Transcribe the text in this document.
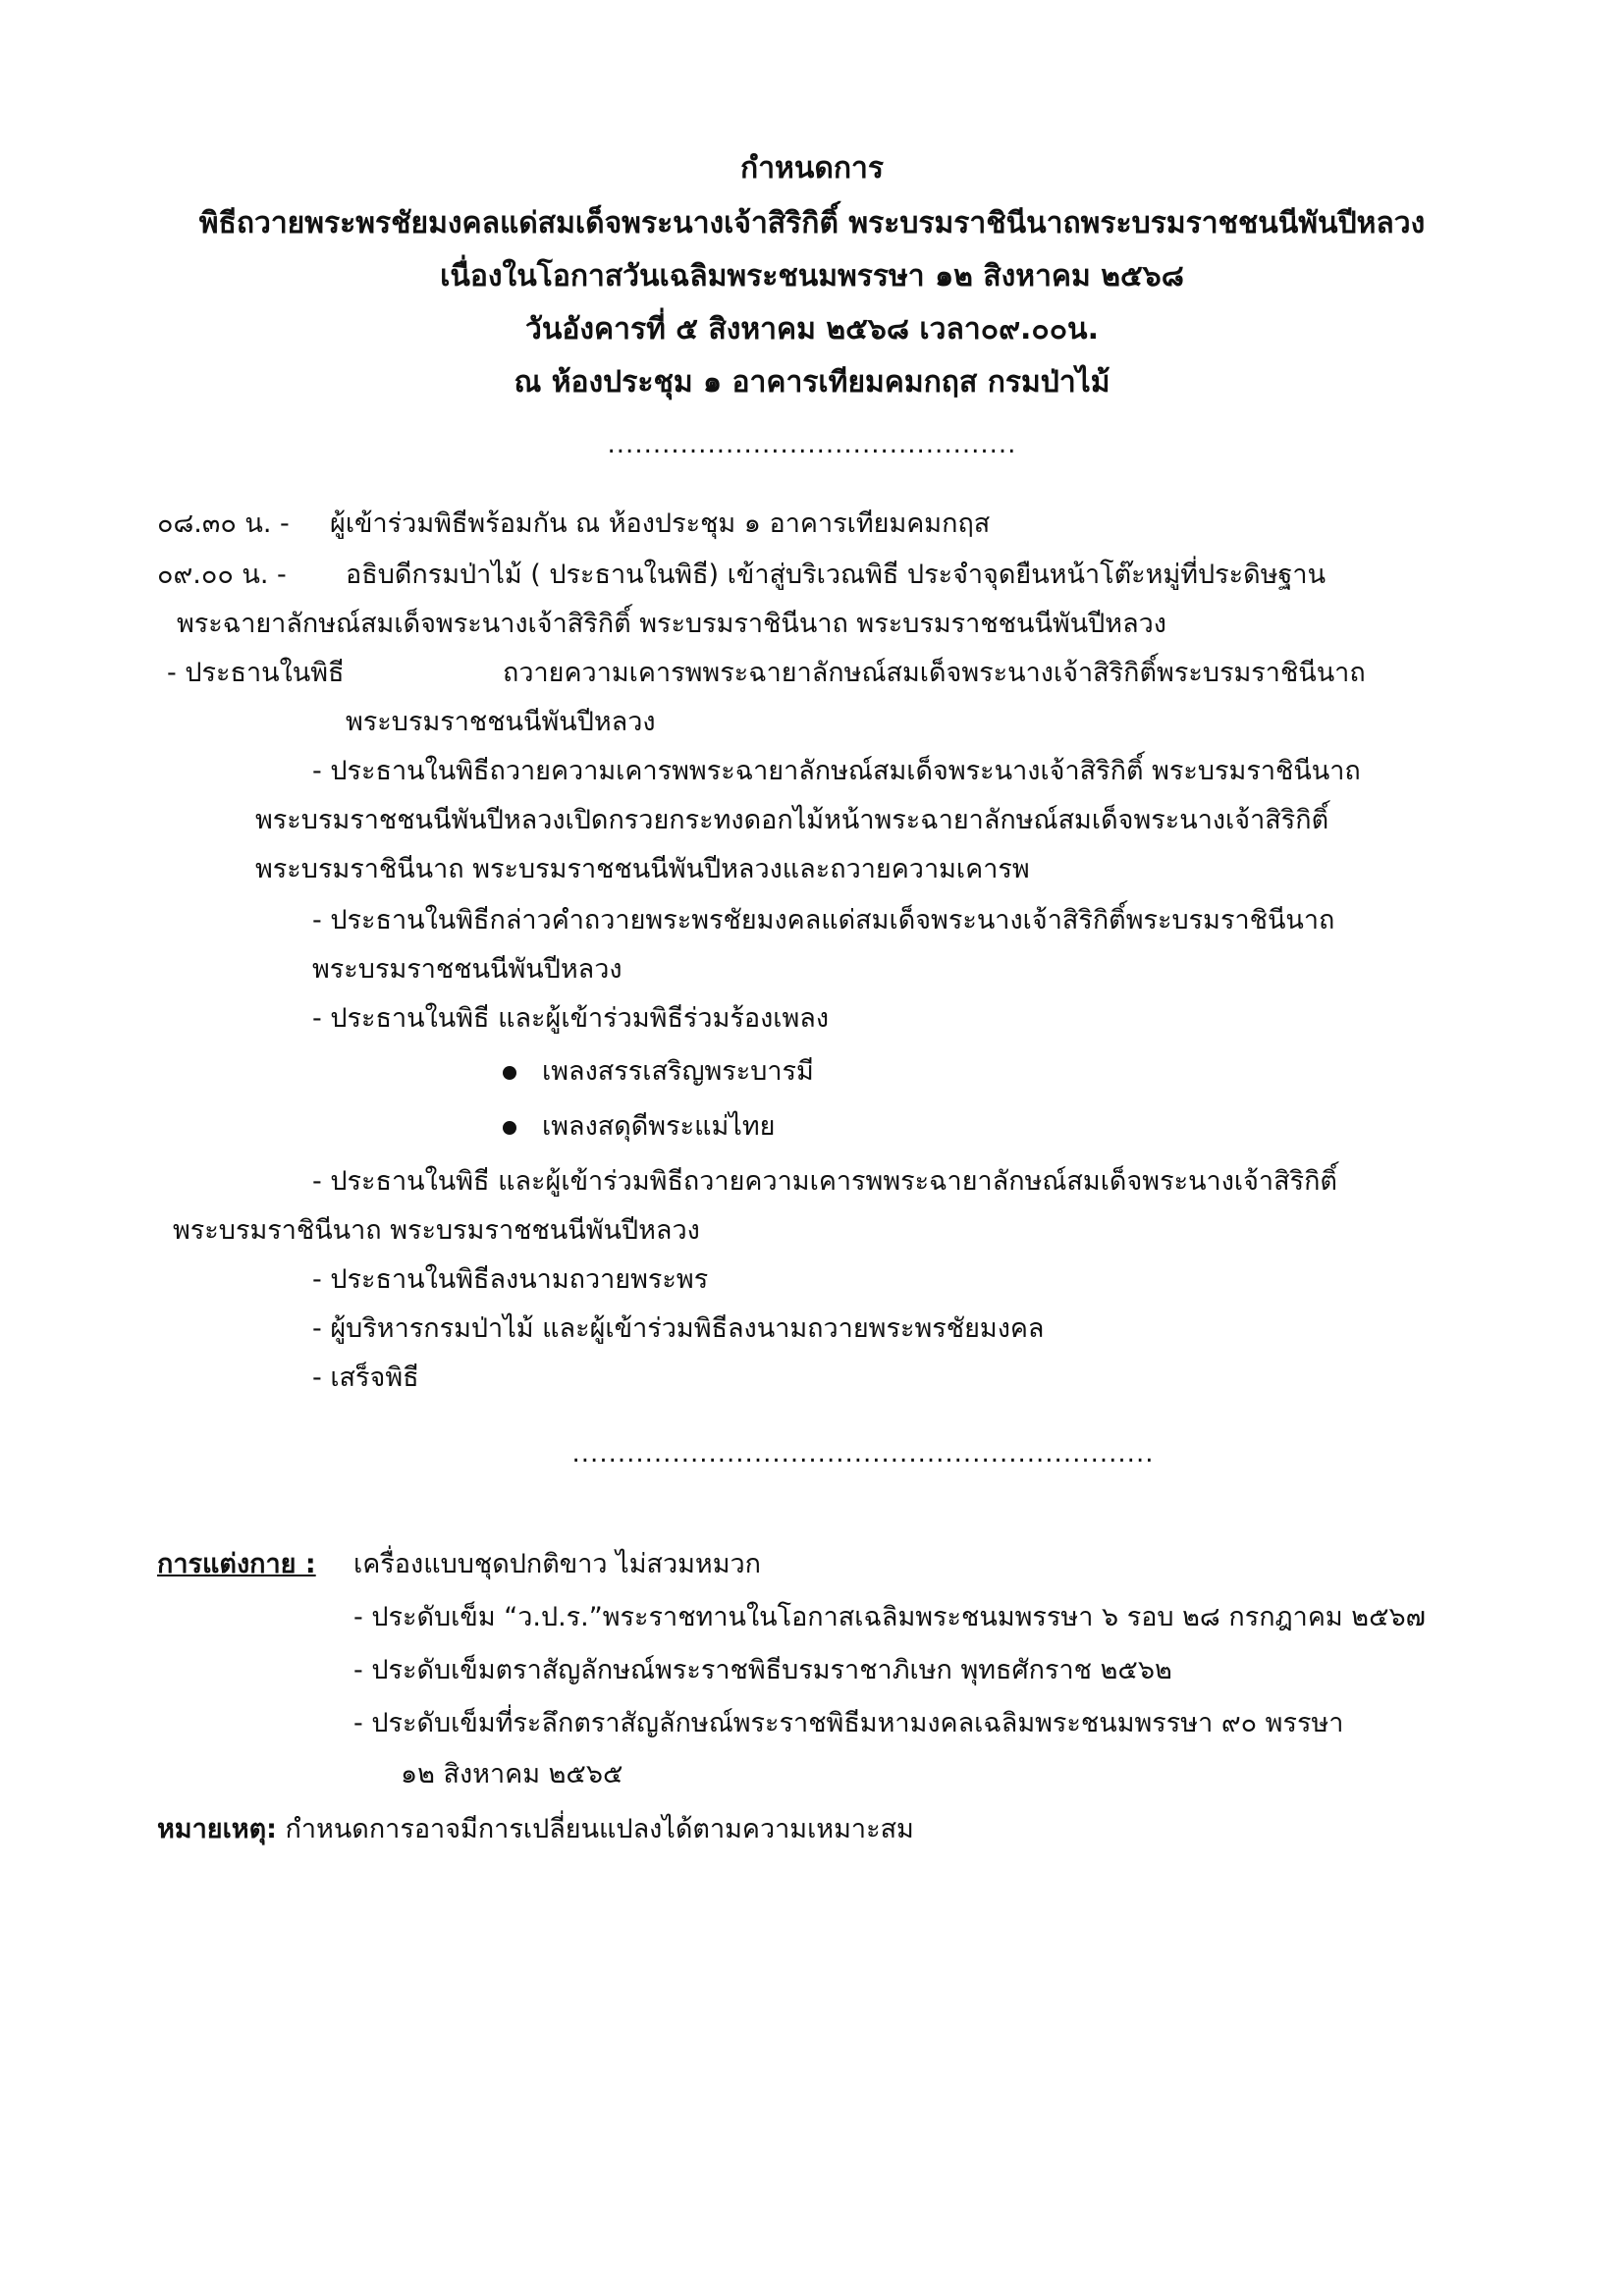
กำหนดการ
พิธีถวายพระพรชัยมงคลแด่สมเด็จพระนางเจ้าสิริกิติ์ พระบรมราชินีนาถพระบรมราชชนนีพันปีหลวง
เนื่องในโอกาสวันเฉลิมพระชนมพรรษา ๑๒ สิงหาคม ๒๕๖๘
วันอังคารที่ ๕ สิงหาคม ๒๕๖๘ เวลา๐๙.๐๐น.
ณ ห้องประชุม ๑ อาคารเทียมคมกฤส กรมป่าไม้
.............................................
๐๘.๓๐ น. - ผู้เข้าร่วมพิธีพร้อมกัน ณ ห้องประชุม ๑ อาคารเทียมคมกฤส
๐๙.๐๐ น. - อธิบดีกรมป่าไม้ ( ประธานในพิธี) เข้าสู่บริเวณพิธี ประจำจุดยืนหน้าโต๊ะหมู่ที่ประดิษฐาน
พระฉายาลักษณ์สมเด็จพระนางเจ้าสิริกิติ์ พระบรมราชินีนาถ พระบรมราชชนนีพันปีหลวง
- ประธานในพิธี	ถวายความเคารพพระฉายาลักษณ์สมเด็จพระนางเจ้าสิริกิติ์พระบรมราชินีนาถ
พระบรมราชชนนีพันปีหลวง
- ประธานในพิธีถวายความเคารพพระฉายาลักษณ์สมเด็จพระนางเจ้าสิริกิติ์ พระบรมราชินีนาถ
พระบรมราชชนนีพันปีหลวงเปิดกรวยกระทงดอกไม้หน้าพระฉายาลักษณ์สมเด็จพระนางเจ้าสิริกิติ์
พระบรมราชินีนาถ พระบรมราชชนนีพันปีหลวงและถวายความเคารพ
- ประธานในพิธีกล่าวคำถวายพระพรชัยมงคลแด่สมเด็จพระนางเจ้าสิริกิติ์พระบรมราชินีนาถ
พระบรมราชชนนีพันปีหลวง
- ประธานในพิธี และผู้เข้าร่วมพิธีร่วมร้องเพลง
เพลงสรรเสริญพระบารมี
เพลงสดุดีพระแม่ไทย
- ประธานในพิธี และผู้เข้าร่วมพิธีถวายความเคารพพระฉายาลักษณ์สมเด็จพระนางเจ้าสิริกิติ์
พระบรมราชินีนาถ พระบรมราชชนนีพันปีหลวง
- ประธานในพิธีลงนามถวายพระพร
- ผู้บริหารกรมป่าไม้ และผู้เข้าร่วมพิธีลงนามถวายพระพรชัยมงคล
- เสร็จพิธี
................................................................
การแต่งกาย : เครื่องแบบชุดปกติขาว ไม่สวมหมวก
- ประดับเข็ม “ว.ป.ร.”พระราชทานในโอกาสเฉลิมพระชนมพรรษา ๖ รอบ ๒๘ กรกฎาคม ๒๕๖๗
- ประดับเข็มตราสัญลักษณ์พระราชพิธีบรมราชาภิเษก พุทธศักราช ๒๕๖๒
- ประดับเข็มที่ระลึกตราสัญลักษณ์พระราชพิธีมหามงคลเฉลิมพระชนมพรรษา ๙๐ พรรษา
๑๒ สิงหาคม ๒๕๖๕
หมายเหตุ: กำหนดการอาจมีการเปลี่ยนแปลงได้ตามความเหมาะสม
